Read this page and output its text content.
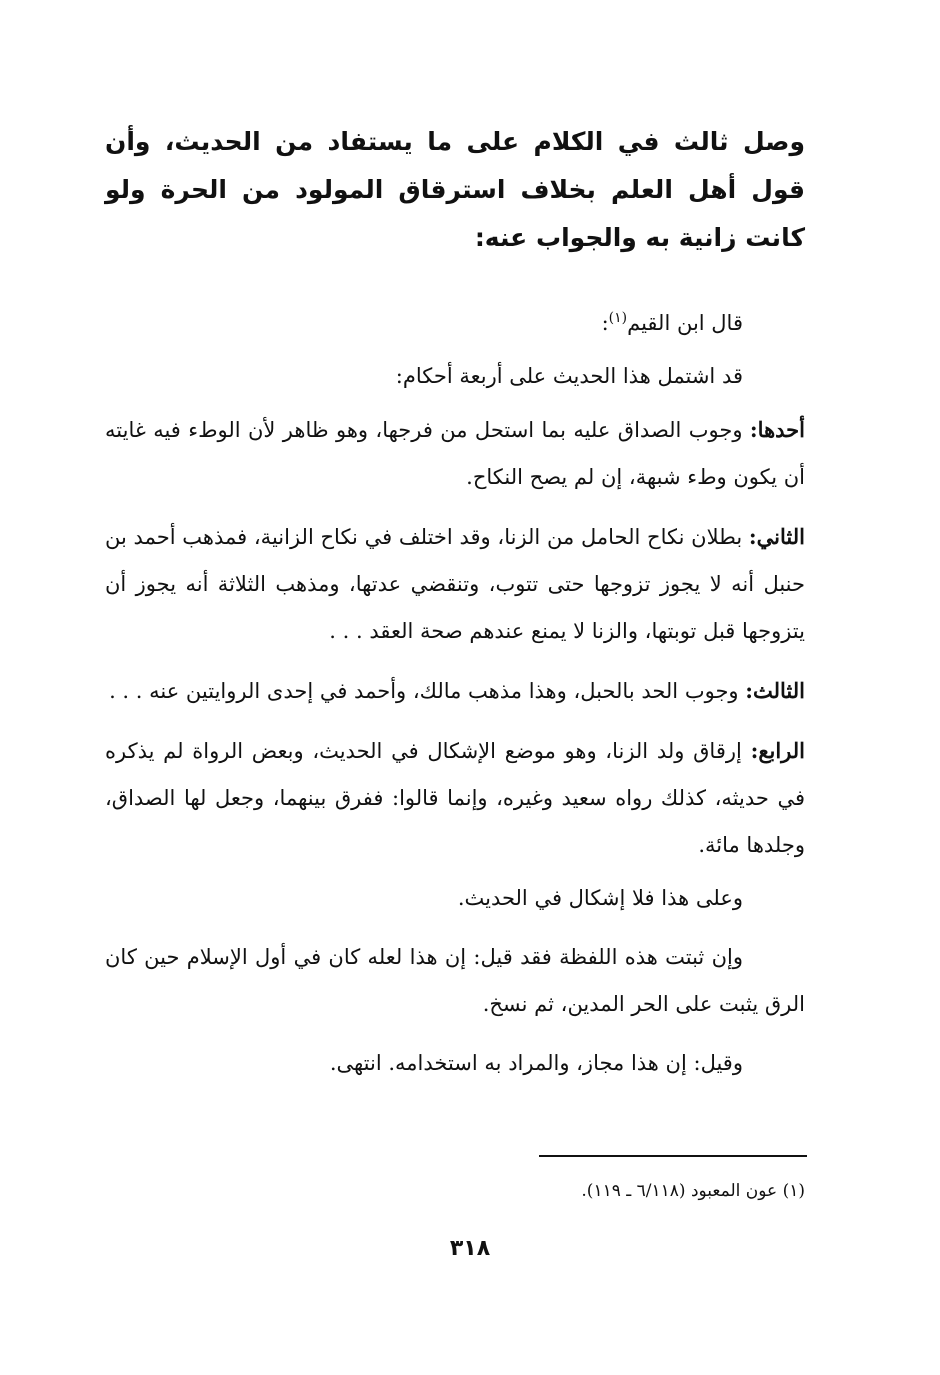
وصل ثالث في الكلام على ما يستفاد من الحديث، وأن قول أهل العلم بخلاف استرقاق المولود من الحرة ولو كانت زانية به والجواب عنه:

قال ابن القيم$^{(١)}$:

قد اشتمل هذا الحديث على أربعة أحكام:

أحدها: وجوب الصداق عليه بما استحل من فرجها، وهو ظاهر لأن الوطء فيه غايته أن يكون وطء شبهة، إن لم يصح النكاح.

الثاني: بطلان نكاح الحامل من الزنا، وقد اختلف في نكاح الزانية، فمذهب أحمد بن حنبل أنه لا يجوز تزوجها حتى تتوب، وتنقضي عدتها، ومذهب الثلاثة أنه يجوز أن يتزوجها قبل توبتها، والزنا لا يمنع عندهم صحة العقد . . .

الثالث: وجوب الحد بالحبل، وهذا مذهب مالك، وأحمد في إحدى الروايتين عنه . . .

الرابع: إرقاق ولد الزنا، وهو موضع الإشكال في الحديث، وبعض الرواة لم يذكره في حديثه، كذلك رواه سعيد وغيره، وإنما قالوا: ففرق بينهما، وجعل لها الصداق، وجلدها مائة.

وعلى هذا فلا إشكال في الحديث.

وإن ثبتت هذه اللفظة فقد قيل: إن هذا لعله كان في أول الإسلام حين كان الرق يثبت على الحر المدين، ثم نسخ.

وقيل: إن هذا مجاز، والمراد به استخدامه. انتهى.

(١) عون المعبود (٦/١١٨ ـ ١١٩).
٣١٨
